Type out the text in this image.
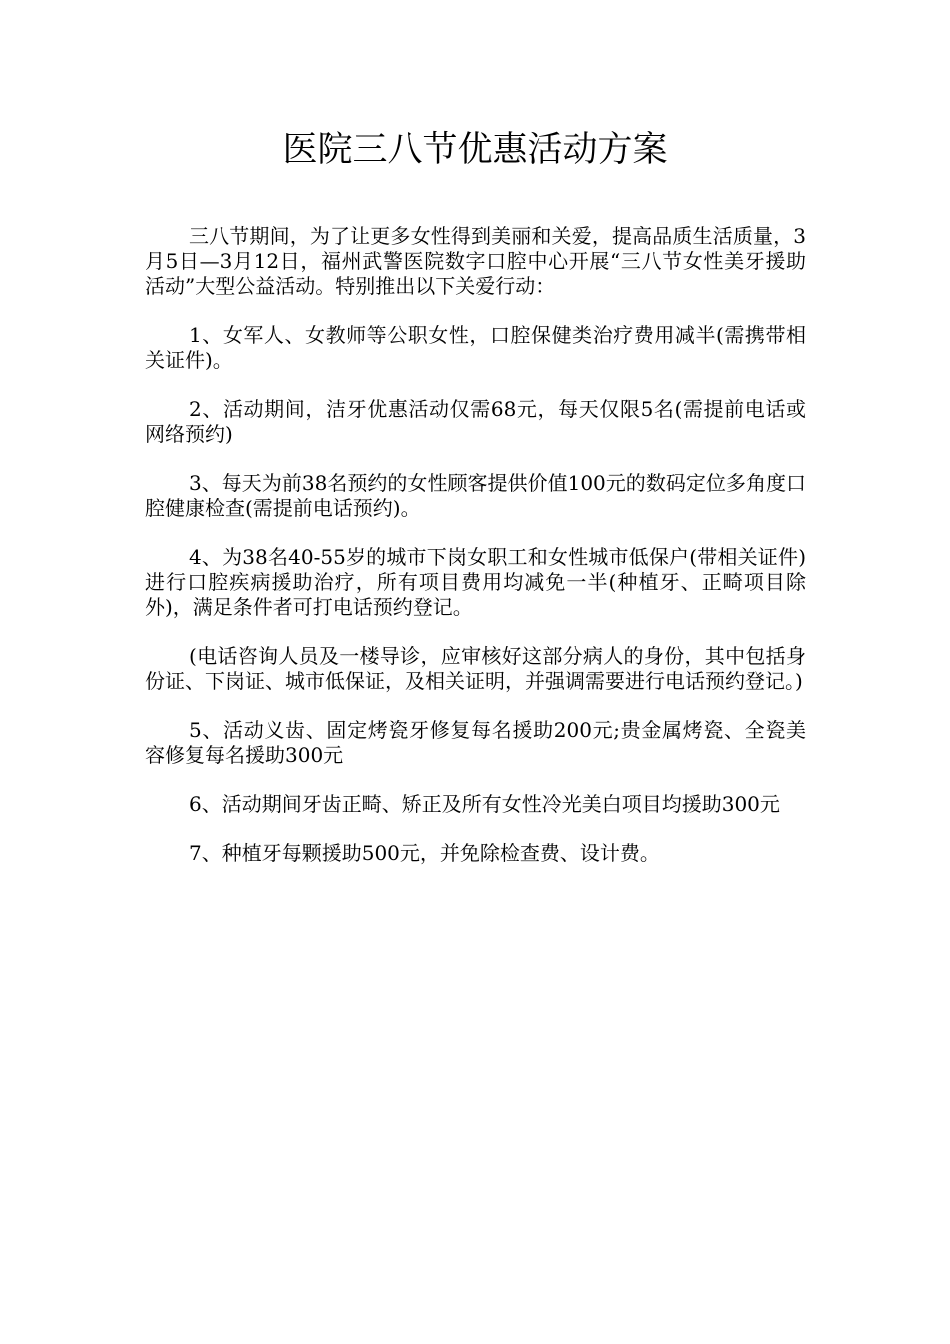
医院三八节优惠活动方案

三八节期间，为了让更多女性得到美丽和关爱，提高品质生活质量，3月5日—3月12日，福州武警医院数字口腔中心开展“三八节女性美牙援助活动”大型公益活动。特别推出以下关爱行动：

1、女军人、女教师等公职女性，口腔保健类治疗费用减半(需携带相关证件)。

2、活动期间，洁牙优惠活动仅需68元，每天仅限5名(需提前电话或网络预约)

3、每天为前38名预约的女性顾客提供价值100元的数码定位多角度口腔健康检查(需提前电话预约)。

4、为38名40-55岁的城市下岗女职工和女性城市低保户(带相关证件)进行口腔疾病援助治疗，所有项目费用均减免一半(种植牙、正畸项目除外)，满足条件者可打电话预约登记。

(电话咨询人员及一楼导诊，应审核好这部分病人的身份，其中包括身份证、下岗证、城市低保证，及相关证明，并强调需要进行电话预约登记。)

5、活动义齿、固定烤瓷牙修复每名援助200元;贵金属烤瓷、全瓷美容修复每名援助300元

6、活动期间牙齿正畸、矫正及所有女性冷光美白项目均援助300元

7、种植牙每颗援助500元，并免除检查费、设计费。
